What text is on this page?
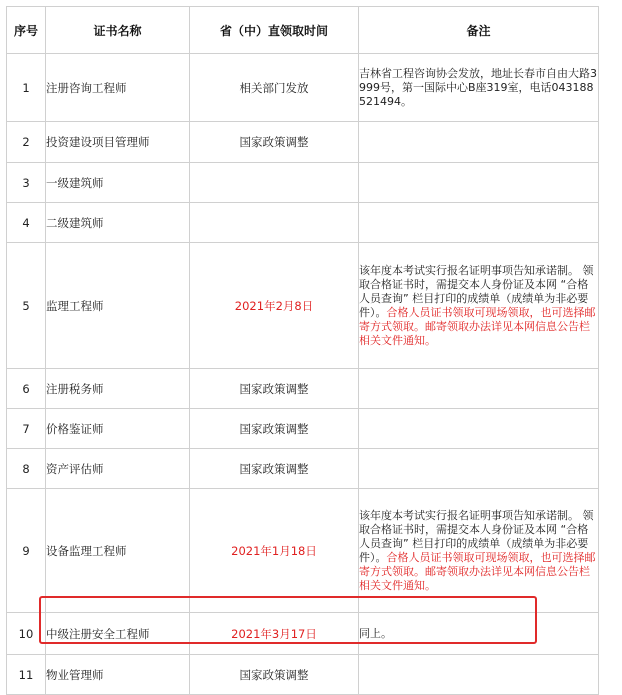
序号	证书名称	省（中）直领取时间	备注
1	注册咨询工程师	相关部门发放	吉林省工程咨询协会发放，地址长春市自由大路3999号，第一国际中心B座319室，电话043188521494。
2	投资建设项目管理师	国家政策调整	
3	一级建筑师		
4	二级建筑师		
5	监理工程师	2021年2月8日	该年度本考试实行报名证明事项告知承诺制。 领取合格证书时，需提交本人身份证及本网 “合格人员查询” 栏目打印的成绩单（成绩单为非必要件）。合格人员证书领取可现场领取，也可选择邮寄方式领取。邮寄领取办法详见本网信息公告栏相关文件通知。
6	注册税务师	国家政策调整	
7	价格鉴证师	国家政策调整	
8	资产评估师	国家政策调整	
9	设备监理工程师	2021年1月18日	该年度本考试实行报名证明事项告知承诺制。 领取合格证书时，需提交本人身份证及本网 “合格人员查询” 栏目打印的成绩单（成绩单为非必要件）。合格人员证书领取可现场领取，也可选择邮寄方式领取。邮寄领取办法详见本网信息公告栏相关文件通知。
10	中级注册安全工程师	2021年3月17日	同上。
11	物业管理师	国家政策调整	
